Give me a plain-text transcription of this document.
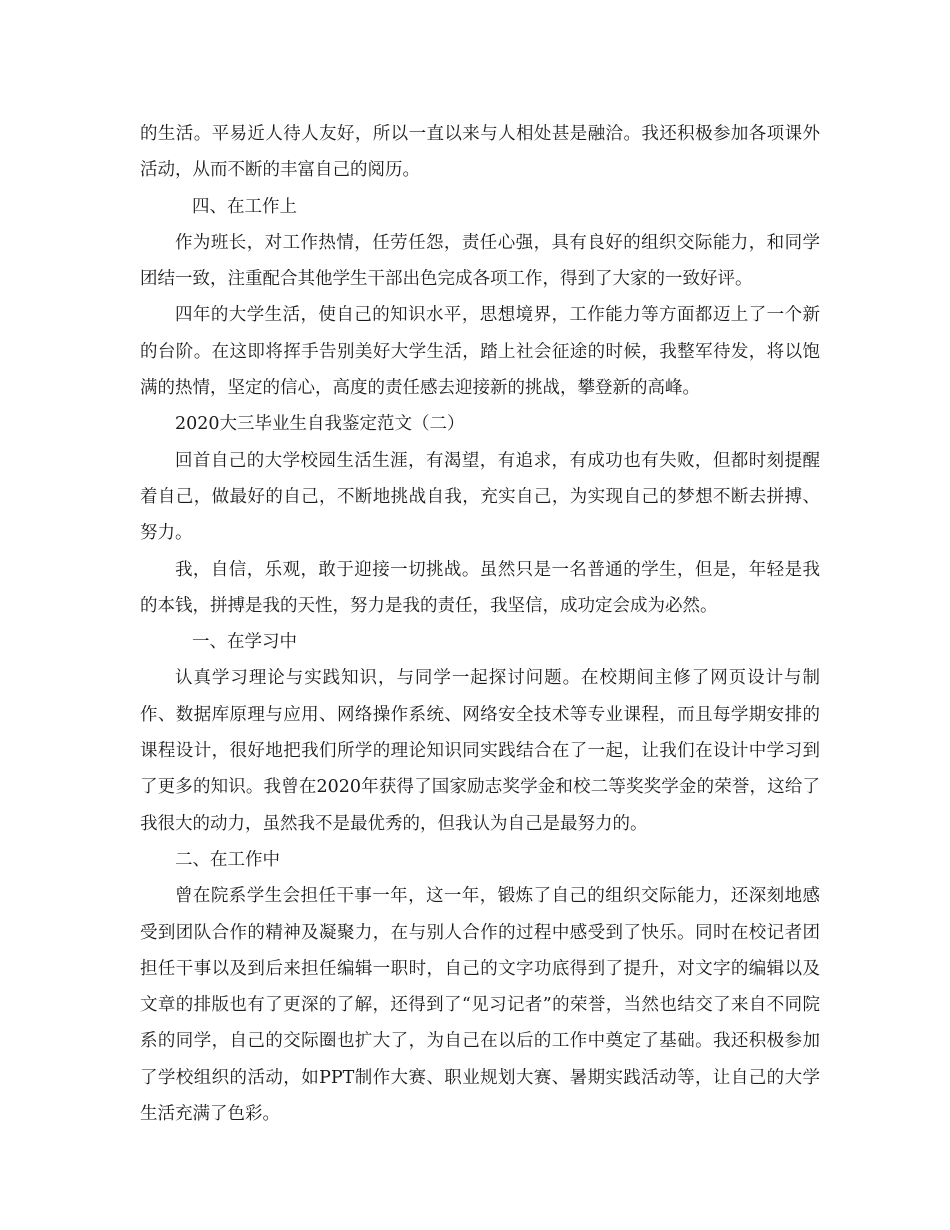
的生活。平易近人待人友好，所以一直以来与人相处甚是融洽。我还积极参加各项课外活动，从而不断的丰富自己的阅历。

四、在工作上

作为班长，对工作热情，任劳任怨，责任心强，具有良好的组织交际能力，和同学团结一致，注重配合其他学生干部出色完成各项工作，得到了大家的一致好评。

四年的大学生活，使自己的知识水平，思想境界，工作能力等方面都迈上了一个新的台阶。在这即将挥手告别美好大学生活，踏上社会征途的时候，我整军待发，将以饱满的热情，坚定的信心，高度的责任感去迎接新的挑战，攀登新的高峰。

2020大三毕业生自我鉴定范文（二）

回首自己的大学校园生活生涯，有渴望，有追求，有成功也有失败，但都时刻提醒着自己，做最好的自己，不断地挑战自我，充实自己，为实现自己的梦想不断去拼搏、努力。

我，自信，乐观，敢于迎接一切挑战。虽然只是一名普通的学生，但是，年轻是我的本钱，拼搏是我的天性，努力是我的责任，我坚信，成功定会成为必然。

一、在学习中

认真学习理论与实践知识，与同学一起探讨问题。在校期间主修了网页设计与制作、数据库原理与应用、网络操作系统、网络安全技术等专业课程，而且每学期安排的课程设计，很好地把我们所学的理论知识同实践结合在了一起，让我们在设计中学习到了更多的知识。我曾在2020年获得了国家励志奖学金和校二等奖奖学金的荣誉，这给了我很大的动力，虽然我不是最优秀的，但我认为自己是最努力的。

二、在工作中

曾在院系学生会担任干事一年，这一年，锻炼了自己的组织交际能力，还深刻地感受到团队合作的精神及凝聚力，在与别人合作的过程中感受到了快乐。同时在校记者团担任干事以及到后来担任编辑一职时，自己的文字功底得到了提升，对文字的编辑以及文章的排版也有了更深的了解，还得到了“见习记者”的荣誉，当然也结交了来自不同院系的同学，自己的交际圈也扩大了，为自己在以后的工作中奠定了基础。我还积极参加了学校组织的活动，如PPT制作大赛、职业规划大赛、暑期实践活动等，让自己的大学生活充满了色彩。
